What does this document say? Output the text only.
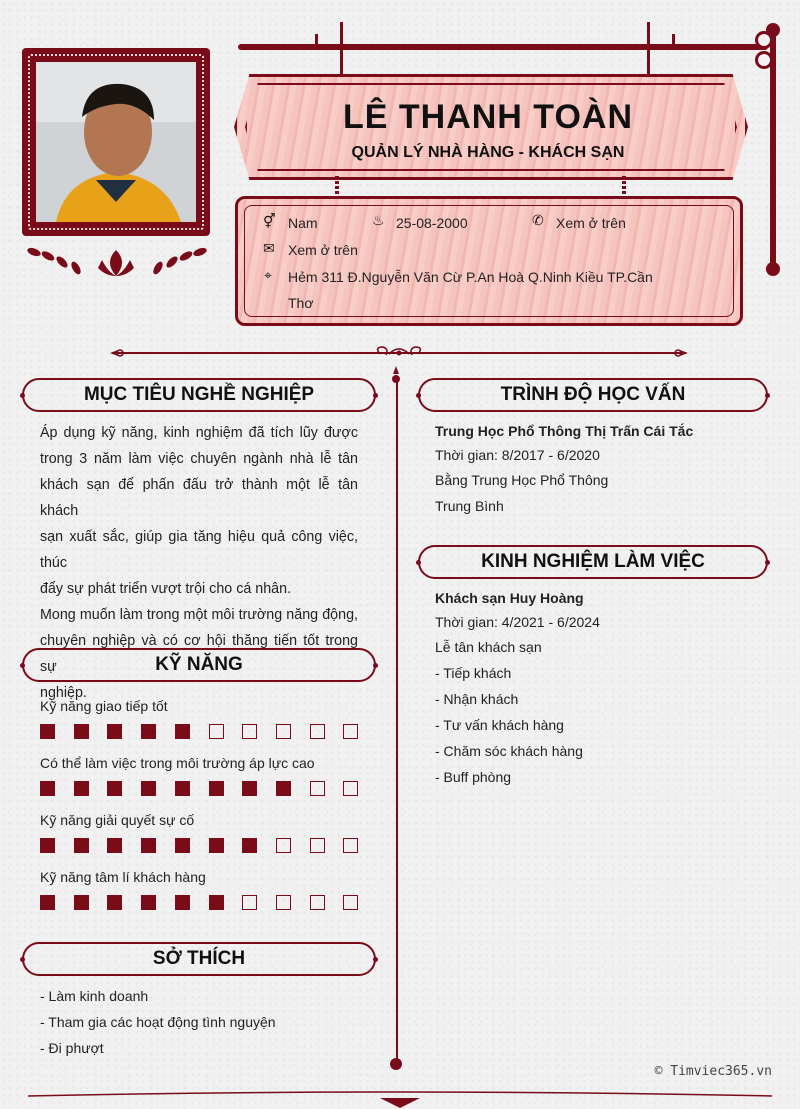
LÊ THANH TOÀN
QUẢN LÝ NHÀ HÀNG - KHÁCH SẠN
⚥ Nam	♨ 25-08-2000	✆ Xem ở trên
✉ Xem ở trên
⌖ Hẻm 311 Đ.Nguyễn Văn Cừ P.An Hoà Q.Ninh Kiều TP.Cần
Thơ
MỤC TIÊU NGHỀ NGHIỆP
Áp dụng kỹ năng, kinh nghiệm đã tích lũy được
trong 3 năm làm việc chuyên ngành nhà lễ tân
khách sạn để phấn đấu trở thành một lễ tân khách
sạn xuất sắc, giúp gia tăng hiệu quả công việc, thúc
đẩy sự phát triển vượt trội cho cá nhân.
Mong muốn làm trong một môi trường năng động,
chuyên nghiệp và có cơ hội thăng tiến tốt trong sự
nghiệp.
KỸ NĂNG
Kỹ năng giao tiếp tốt
Có thể làm việc trong môi trường áp lực cao
Kỹ năng giải quyết sự cố
Kỹ năng tâm lí khách hàng
SỞ THÍCH
- Làm kinh doanh
- Tham gia các hoạt động tình nguyện
- Đi phượt
TRÌNH ĐỘ HỌC VẤN
Trung Học Phổ Thông Thị Trấn Cái Tắc
Thời gian: 8/2017 - 6/2020
Bằng Trung Học Phổ Thông
Trung Bình
KINH NGHIỆM LÀM VIỆC
Khách sạn Huy Hoàng
Thời gian: 4/2021 - 6/2024
Lễ tân khách sạn
- Tiếp khách
- Nhận khách
- Tư vấn khách hàng
- Chăm sóc khách hàng
- Buff phòng
© Timviec365.vn
